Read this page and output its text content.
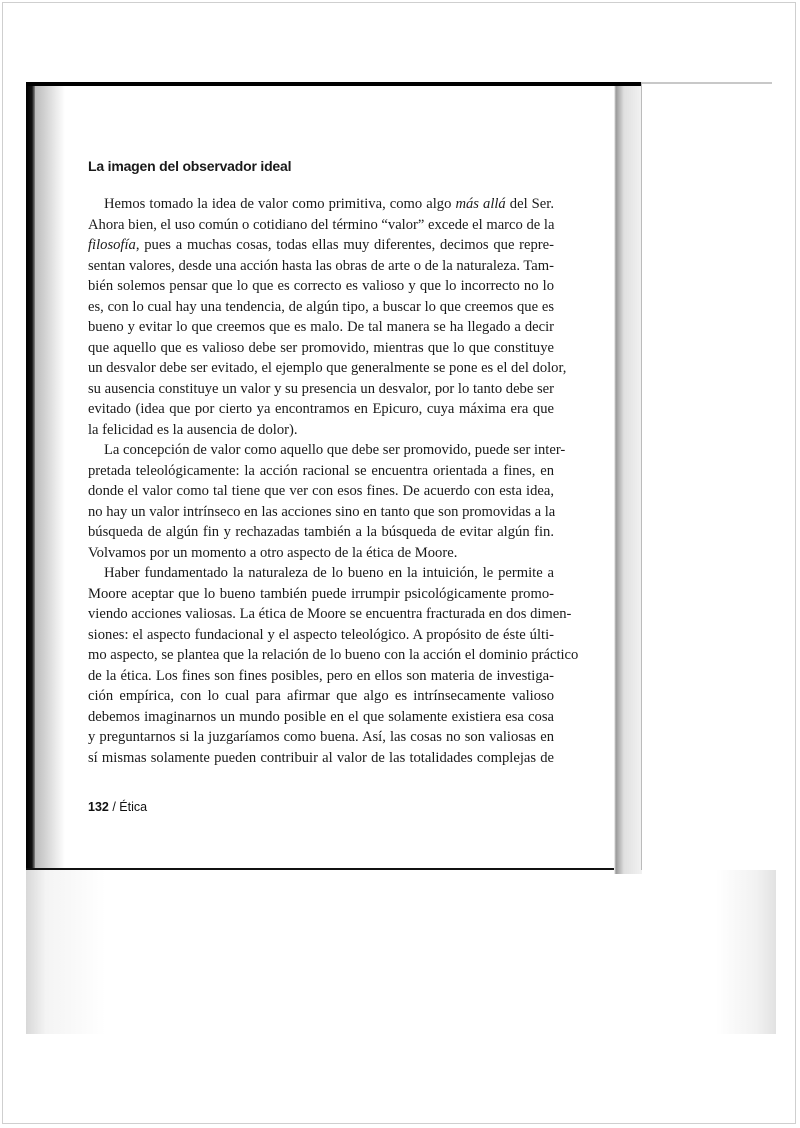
La imagen del observador ideal
Hemos tomado la idea de valor como primitiva, como algo más allá del Ser.
Ahora bien, el uso común o cotidiano del término “valor” excede el marco de la
filosofía, pues a muchas cosas, todas ellas muy diferentes, decimos que repre-
sentan valores, desde una acción hasta las obras de arte o de la naturaleza. Tam-
bién solemos pensar que lo que es correcto es valioso y que lo incorrecto no lo
es, con lo cual hay una tendencia, de algún tipo, a buscar lo que creemos que es
bueno y evitar lo que creemos que es malo. De tal manera se ha llegado a decir
que aquello que es valioso debe ser promovido, mientras que lo que constituye
un desvalor debe ser evitado, el ejemplo que generalmente se pone es el del dolor,
su ausencia constituye un valor y su presencia un desvalor, por lo tanto debe ser
evitado (idea que por cierto ya encontramos en Epicuro, cuya máxima era que
la felicidad es la ausencia de dolor).
La concepción de valor como aquello que debe ser promovido, puede ser inter-
pretada teleológicamente: la acción racional se encuentra orientada a fines, en
donde el valor como tal tiene que ver con esos fines. De acuerdo con esta idea,
no hay un valor intrínseco en las acciones sino en tanto que son promovidas a la
búsqueda de algún fin y rechazadas también a la búsqueda de evitar algún fin.
Volvamos por un momento a otro aspecto de la ética de Moore.
Haber fundamentado la naturaleza de lo bueno en la intuición, le permite a
Moore aceptar que lo bueno también puede irrumpir psicológicamente promo-
viendo acciones valiosas. La ética de Moore se encuentra fracturada en dos dimen-
siones: el aspecto fundacional y el aspecto teleológico. A propósito de éste últi-
mo aspecto, se plantea que la relación de lo bueno con la acción el dominio práctico
de la ética. Los fines son fines posibles, pero en ellos son materia de investiga-
ción empírica, con lo cual para afirmar que algo es intrínsecamente valioso
debemos imaginarnos un mundo posible en el que solamente existiera esa cosa
y preguntarnos si la juzgaríamos como buena. Así, las cosas no son valiosas en
sí mismas solamente pueden contribuir al valor de las totalidades complejas de
132 / Ética
